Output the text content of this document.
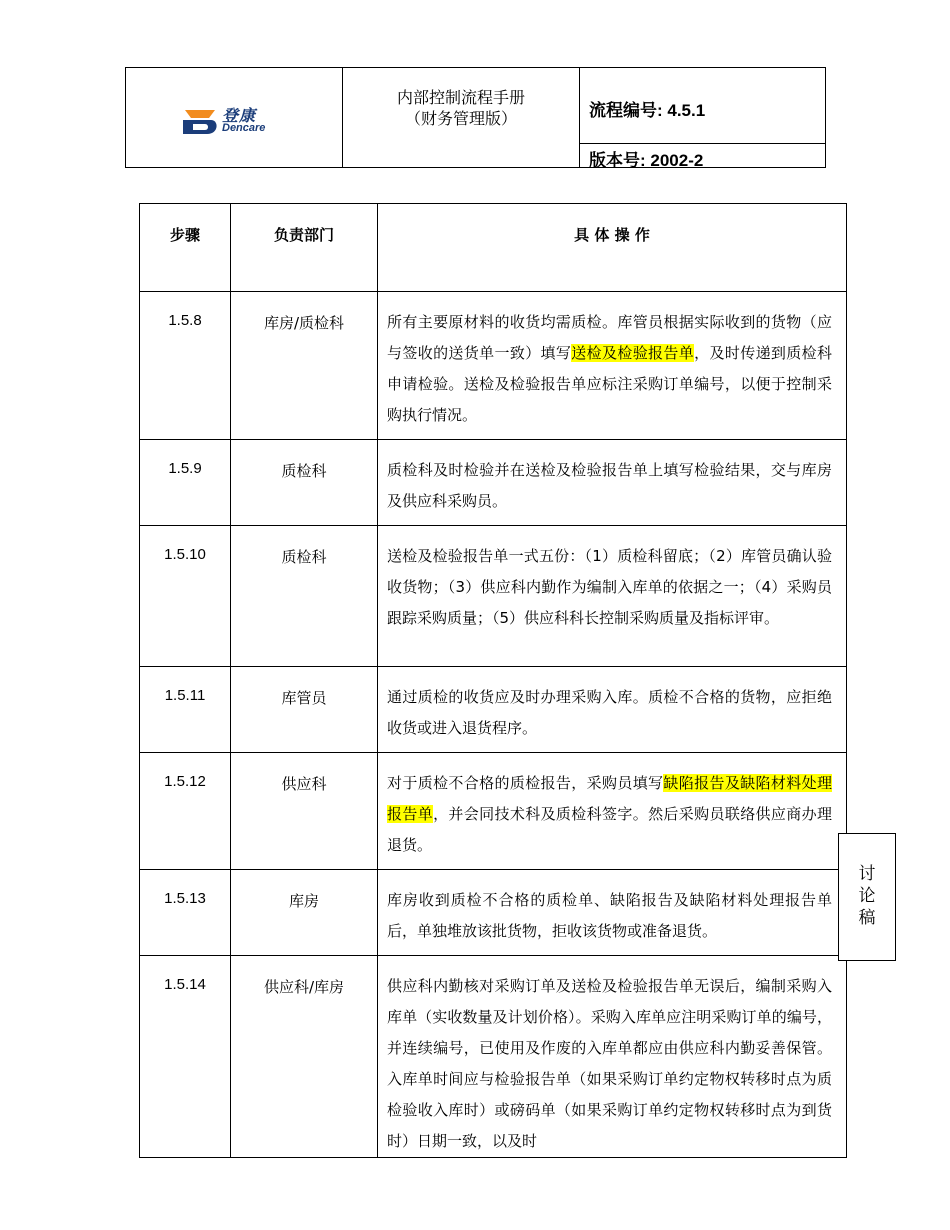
登康
Dencare
内部控制流程手册
（财务管理版）	流程编号: 4.5.1
版本号: 2002-2
步骤	负责部门	具 体 操 作
1.5.8	库房/质检科	所有主要原材料的收货均需质检。库管员根据实际收到的货物（应与签收的送货单一致）填写送检及检验报告单，及时传递到质检科申请检验。送检及检验报告单应标注采购订单编号，以便于控制采购执行情况。
1.5.9	质检科	质检科及时检验并在送检及检验报告单上填写检验结果，交与库房及供应科采购员。
1.5.10	质检科	送检及检验报告单一式五份：（1）质检科留底；（2）库管员确认验收货物；（3）供应科内勤作为编制入库单的依据之一；（4）采购员跟踪采购质量；（5）供应科科长控制采购质量及指标评审。
1.5.11	库管员	通过质检的收货应及时办理采购入库。质检不合格的货物，应拒绝收货或进入退货程序。
1.5.12	供应科	对于质检不合格的质检报告，采购员填写缺陷报告及缺陷材料处理报告单，并会同技术科及质检科签字。然后采购员联络供应商办理退货。
1.5.13	库房	库房收到质检不合格的质检单、缺陷报告及缺陷材料处理报告单后，单独堆放该批货物，拒收该货物或准备退货。
1.5.14	供应科/库房	供应科内勤核对采购订单及送检及检验报告单无误后，编制采购入库单（实收数量及计划价格）。采购入库单应注明采购订单的编号，并连续编号，已使用及作废的入库单都应由供应科内勤妥善保管。入库单时间应与检验报告单（如果采购订单约定物权转移时点为质检验收入库时）或磅码单（如果采购订单约定物权转移时点为到货时）日期一致，以及时
讨
论
稿
